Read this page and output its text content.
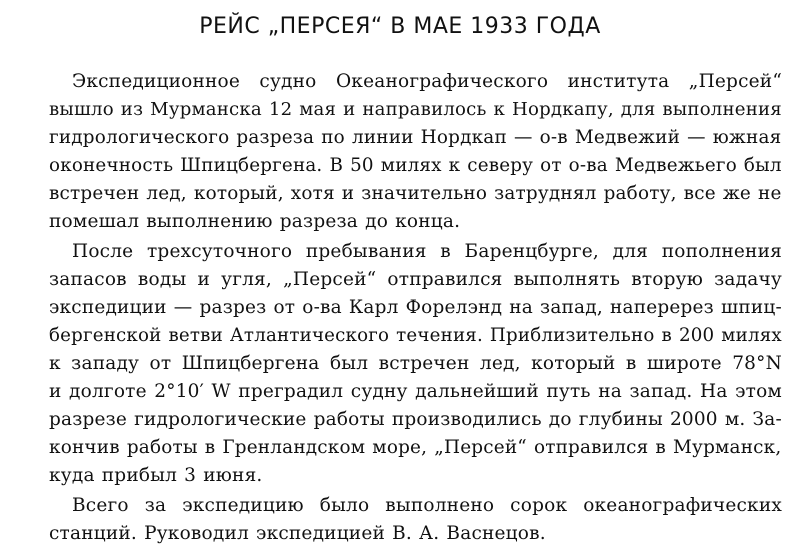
РЕЙС „ПЕРСЕЯ“ В МАЕ 1933 ГОДА
Экспедиционное судно Океанографического института „Персей“
вышло из Мурманска 12 мая и направилось к Нордкапу, для выполнения
гидрологического разреза по линии Нордкап — о-в Медвежий — южная
оконечность Шпицбергена. В 50 милях к северу от о-ва Медвежьего был
встречен лед, который, хотя и значительно затруднял работу, все же не
помешал выполнению разреза до конца.
После трехсуточного пребывания в Баренцбурге, для пополнения
запасов воды и угля, „Персей“ отправился выполнять вторую задачу
экспедиции — разрез от о-ва Карл Форелэнд на запад, наперерез шпиц-
бергенской ветви Атлантического течения. Приблизительно в 200 милях
к западу от Шпицбергена был встречен лед, который в широте 78°N
и долготе 2°10′ W преградил судну дальнейший путь на запад. На этом
разрезе гидрологические работы производились до глубины 2000 м. За-
кончив работы в Гренландском море, „Персей“ отправился в Мурманск,
куда прибыл 3 июня.
Всего за экспедицию было выполнено сорок океанографических
станций. Руководил экспедицией В. А. Васнецов.
